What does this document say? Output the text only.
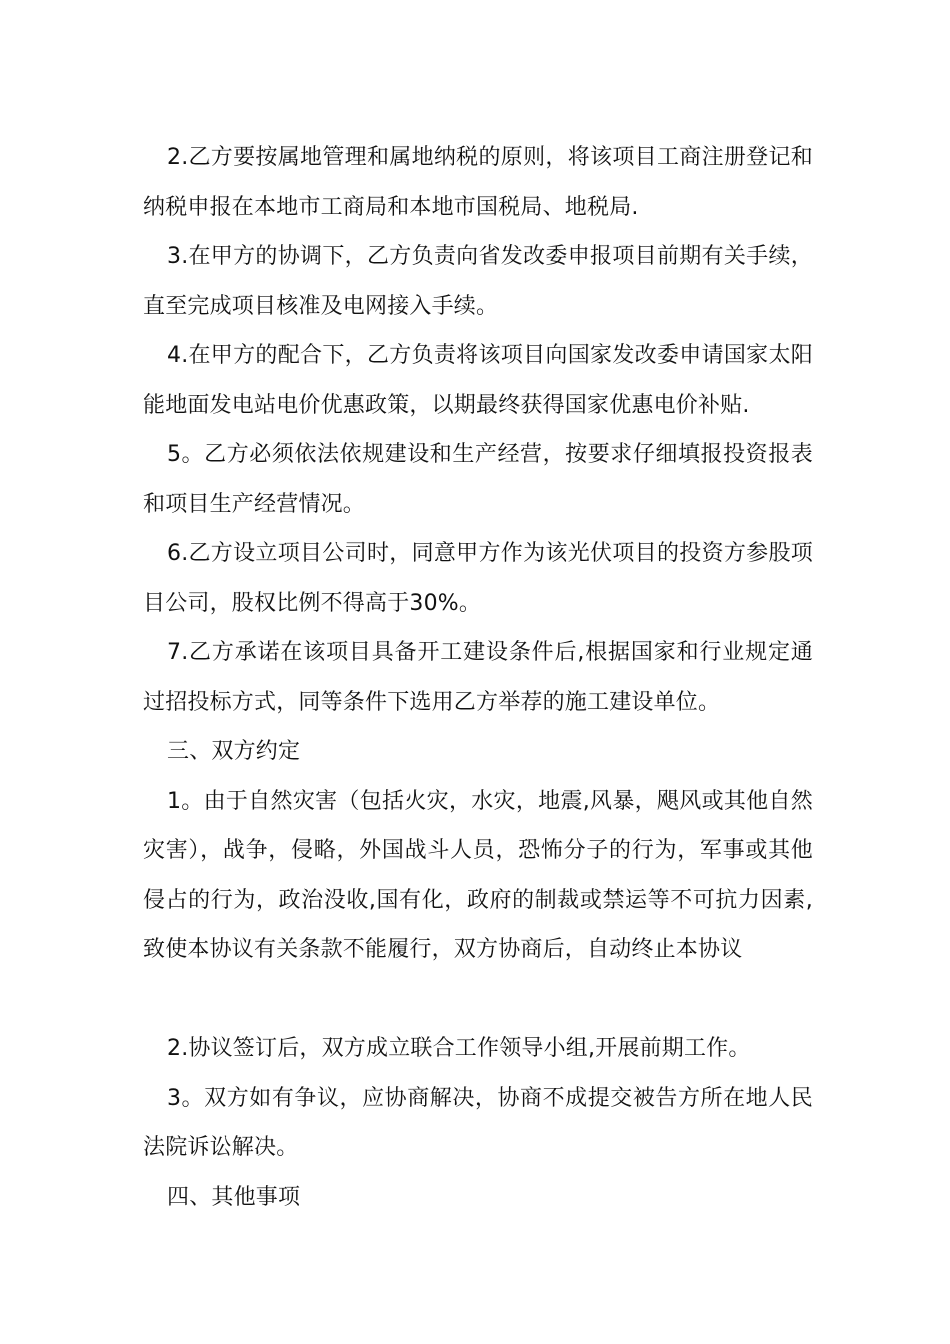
2.乙方要按属地管理和属地纳税的原则，将该项目工商注册登记和纳税申报在本地市工商局和本地市国税局、地税局.

3.在甲方的协调下，乙方负责向省发改委申报项目前期有关手续，直至完成项目核准及电网接入手续。

4.在甲方的配合下，乙方负责将该项目向国家发改委申请国家太阳能地面发电站电价优惠政策，以期最终获得国家优惠电价补贴.

5。乙方必须依法依规建设和生产经营，按要求仔细填报投资报表和项目生产经营情况。

6.乙方设立项目公司时，同意甲方作为该光伏项目的投资方参股项目公司，股权比例不得高于30%。

7.乙方承诺在该项目具备开工建设条件后,根据国家和行业规定通过招投标方式，同等条件下选用乙方举荐的施工建设单位。

三、双方约定

1。由于自然灾害（包括火灾，水灾，地震,风暴，飓风或其他自然灾害），战争，侵略，外国战斗人员，恐怖分子的行为，军事或其他侵占的行为，政治没收,国有化，政府的制裁或禁运等不可抗力因素,致使本协议有关条款不能履行，双方协商后，自动终止本协议

2.协议签订后，双方成立联合工作领导小组,开展前期工作。

3。双方如有争议，应协商解决，协商不成提交被告方所在地人民法院诉讼解决。

四、其他事项
